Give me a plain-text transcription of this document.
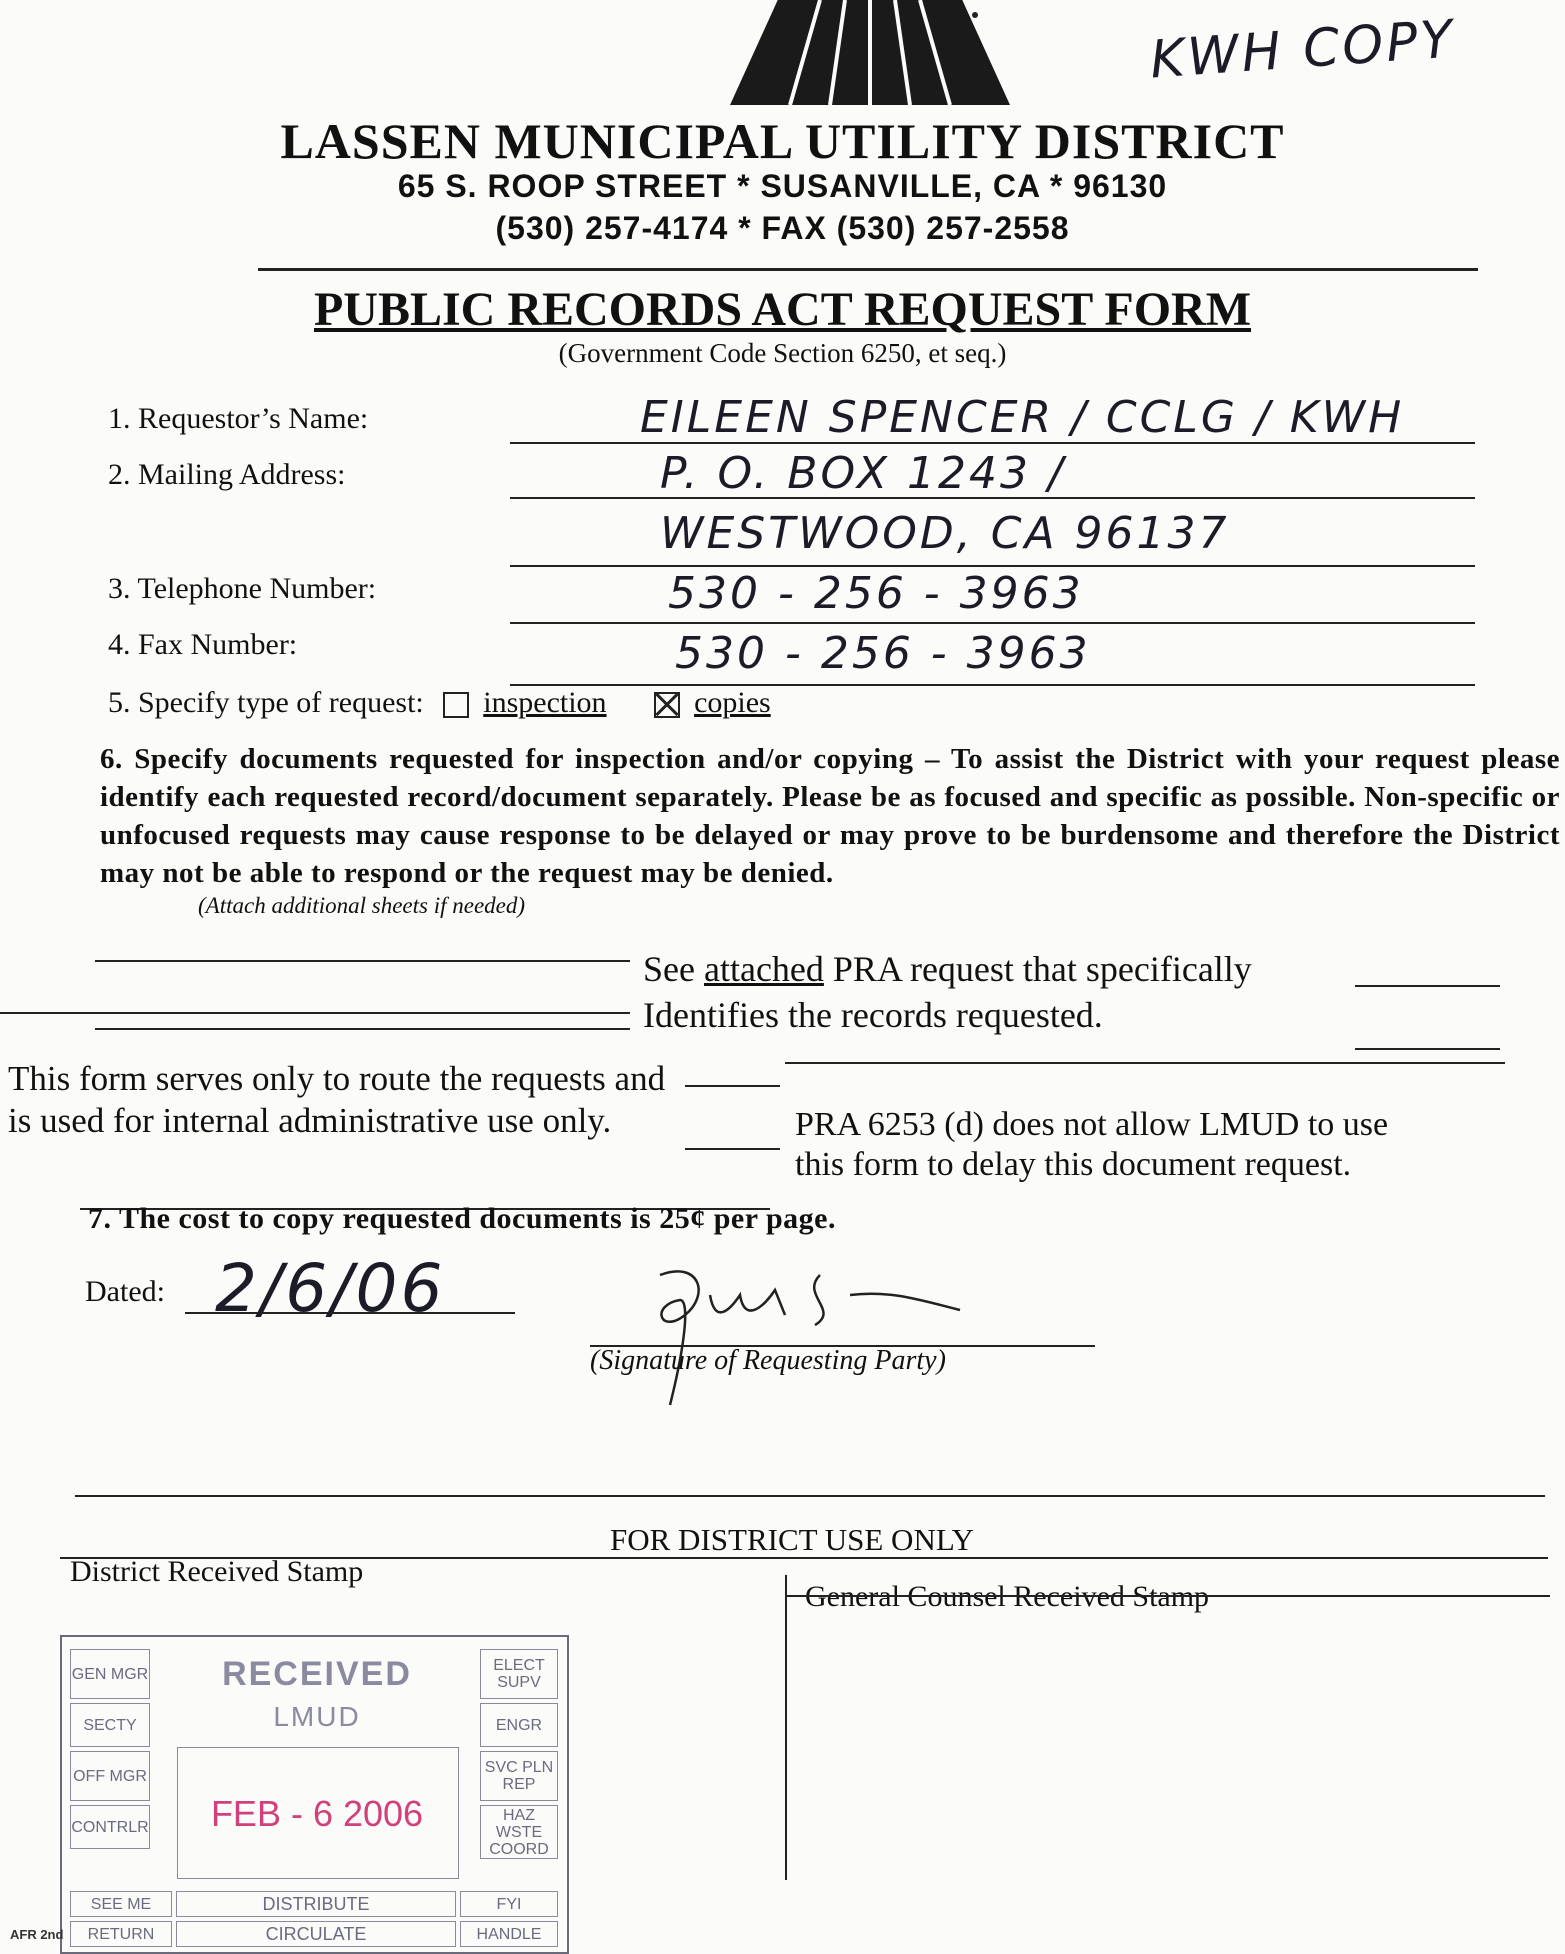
KWH COPY
LASSEN MUNICIPAL UTILITY DISTRICT
65 S. ROOP STREET * SUSANVILLE, CA * 96130
(530) 257-4174 * FAX (530) 257-2558
PUBLIC RECORDS ACT REQUEST FORM
(Government Code Section 6250, et seq.)
1. Requestor’s Name:	EILEEN SPENCER / CCLG / KWH
2. Mailing Address:	P. O. BOX 1243 /
WESTWOOD, CA 96137
3. Telephone Number:	530 - 256 - 3963
4. Fax Number:	530 - 256 - 3963
5. Specify type of request: inspection	copies
6. Specify documents requested for inspection and/or copying – To assist the District with your request please identify each requested record/document separately. Please be as focused and specific as possible. Non-specific or unfocused requests may cause response to be delayed or may prove to be burdensome and therefore the District may not be able to respond or the request may be denied.
(Attach additional sheets if needed)
See attached PRA request that specifically
Identifies the records requested.
This form serves only to route the requests and is used for internal administrative use only.	PRA 6253 (d) does not allow LMUD to use this form to delay this document request.
7. The cost to copy requested documents is 25¢ per page.
Dated: 2/6/06
(Signature of Requesting Party)
FOR DISTRICT USE ONLY
District Received Stamp
General Counsel Received Stamp
GEN MGR
SECTY
OFF MGR
CONTRLR
SEE ME
RETURN
ELECT SUPV
ENGR
SVC PLN REP
HAZ WSTE COORD
FYI
HANDLE
DISTRIBUTE
CIRCULATE
RECEIVED
LMUD
FEB - 6 2006
AFR 2nd
